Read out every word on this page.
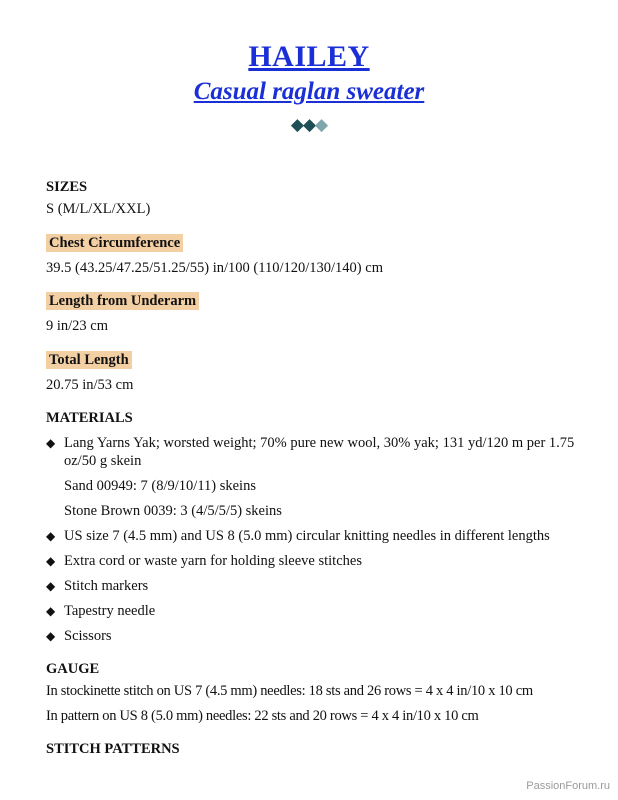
HAILEY
Casual raglan sweater
◆◆◆
SIZES
S (M/L/XL/XXL)
Chest Circumference
39.5 (43.25/47.25/51.25/55) in/100 (110/120/130/140) cm
Length from Underarm
9 in/23 cm
Total Length
20.75 in/53 cm
MATERIALS
◆ Lang Yarns Yak; worsted weight; 70% pure new wool, 30% yak; 131 yd/120 m per 1.75 oz/50 g skein
Sand 00949: 7 (8/9/10/11) skeins
Stone Brown 0039: 3 (4/5/5/5) skeins
◆ US size 7 (4.5 mm) and US 8 (5.0 mm) circular knitting needles in different lengths
◆ Extra cord or waste yarn for holding sleeve stitches
◆ Stitch markers
◆ Tapestry needle
◆ Scissors
GAUGE
In stockinette stitch on US 7 (4.5 mm) needles: 18 sts and 26 rows = 4 x 4 in/10 x 10 cm
In pattern on US 8 (5.0 mm) needles: 22 sts and 20 rows = 4 x 4 in/10 x 10 cm
STITCH PATTERNS
PassionForum.ru
